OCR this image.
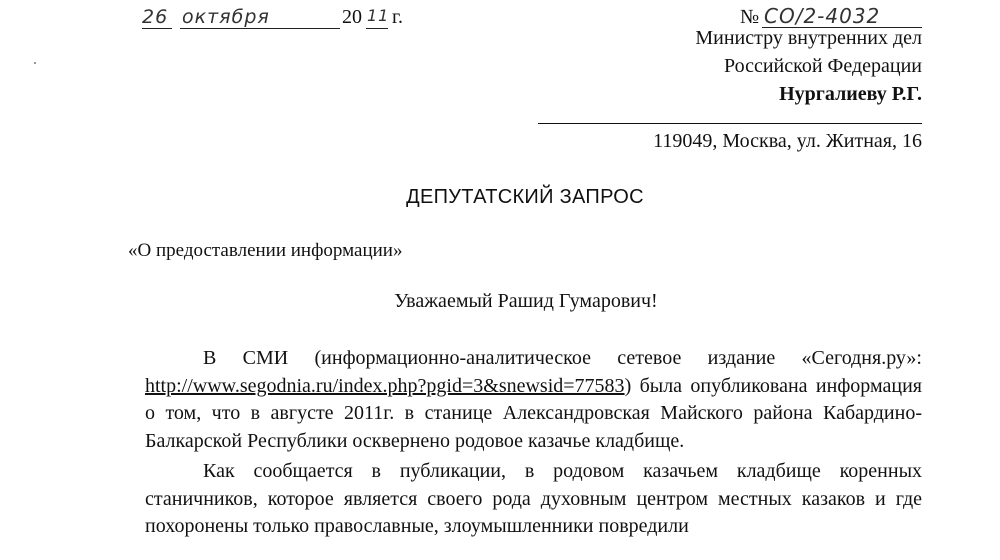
26 октября	20 11 г.	№ СО/2-4032
Министру внутренних дел
Российской Федерации
Нургалиеву Р.Г.
119049, Москва, ул. Житная, 16
ДЕПУТАТСКИЙ ЗАПРОС
«О предоставлении информации»
Уважаемый Рашид Гумарович!

В СМИ (информационно-аналитическое сетевое издание «Сегодня.ру»: http://www.segodnia.ru/index.php?pgid=3&snewsid=77583) была опубликована информация о том, что в августе 2011г. в станице Александровская Майского района Кабардино-Балкарской Республики осквернено родовое казачье кладбище.

Как сообщается в публикации, в родовом казачьем кладбище коренных станичников, которое является своего рода духовным центром местных казаков и где похоронены только православные, злоумышленники повредили
